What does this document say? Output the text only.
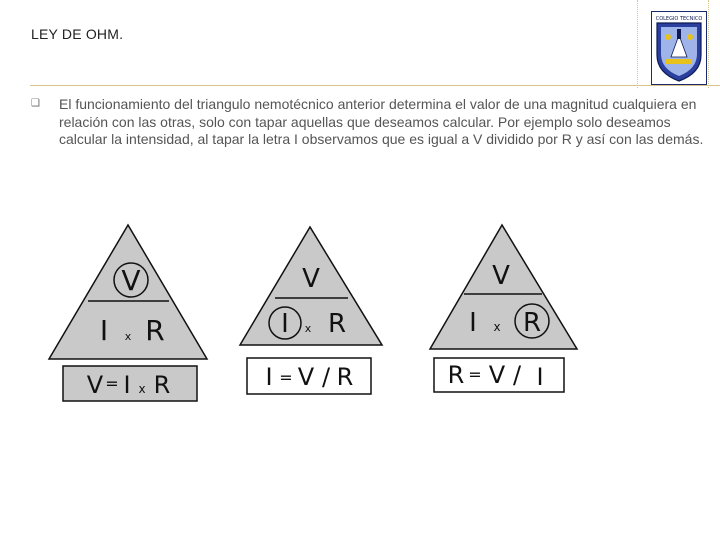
LEY DE OHM.
COLEGIO TECNICO
❑ El funcionamiento del triangulo nemotécnico anterior determina el valor de una magnitud cualquiera en relación con las otras, solo con tapar aquellas que deseamos calcular. Por ejemplo solo deseamos calcular la intensidad, al tapar la letra I observamos que es igual a V dividido por R y así con las demás.
V
I x R
V = I x R
V
I x R
I = V / R
V
I x R
R = V / I
